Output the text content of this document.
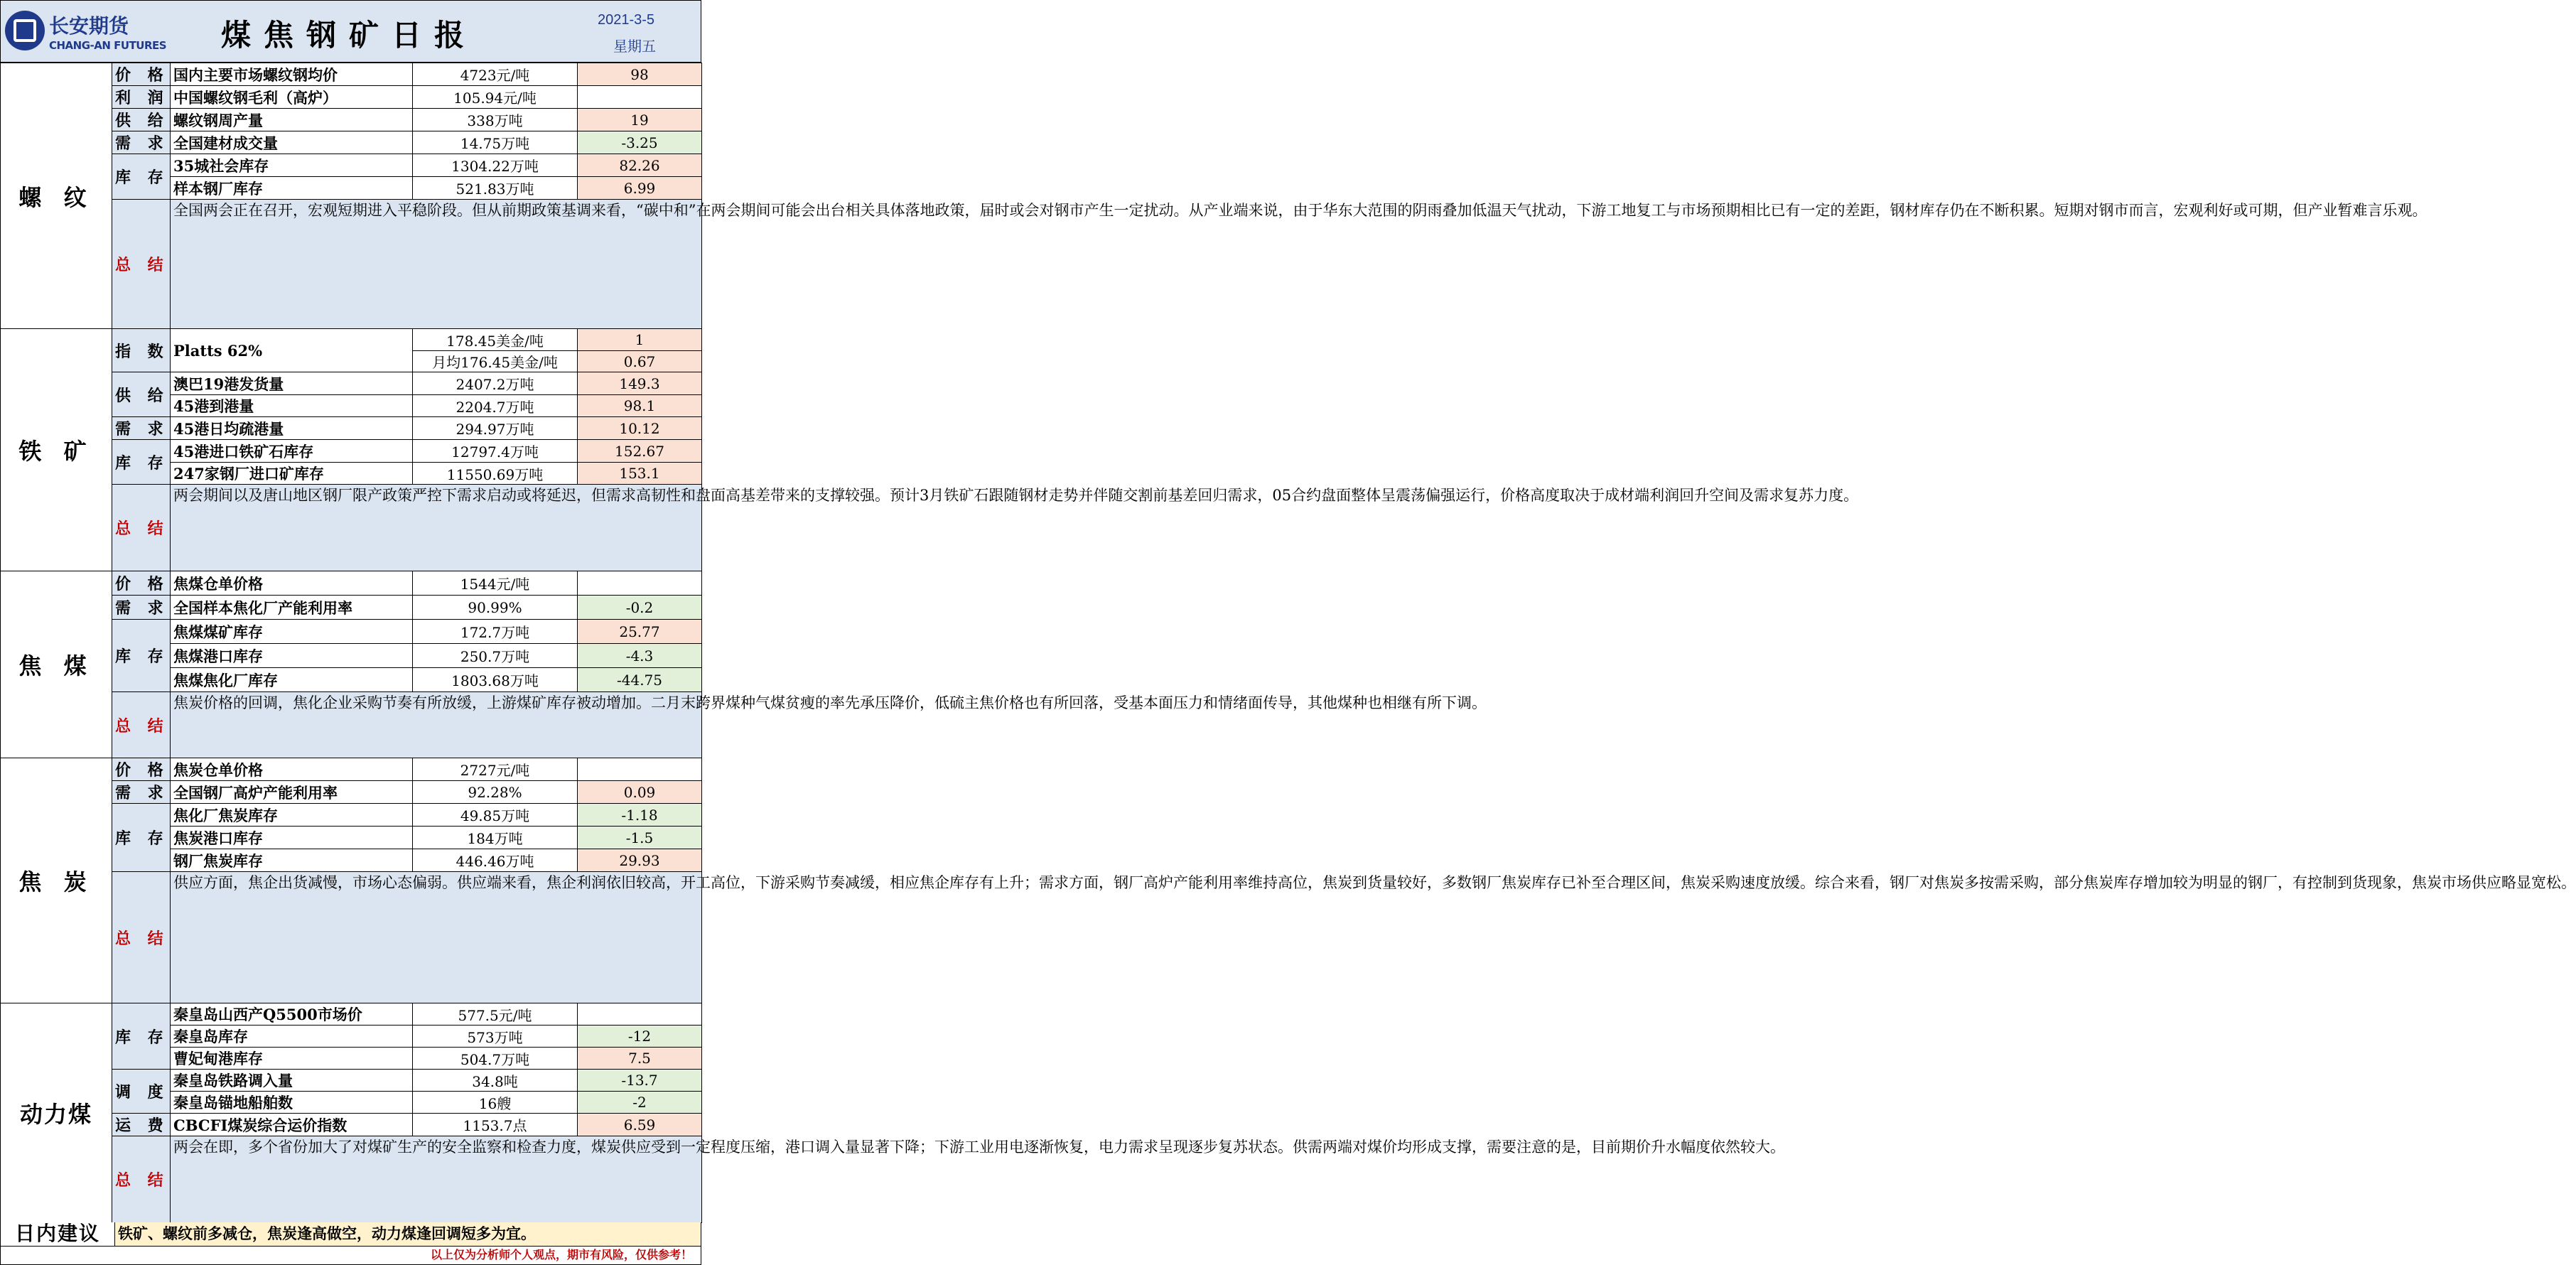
长安期货
CHANG-AN FUTURES 煤焦钢矿日报	2021-3-5
星期五
螺 纹	价 格	国内主要市场螺纹钢均价	4723元/吨	98
	利 润	中国螺纹钢毛利（高炉）	105.94元/吨	
	供 给	螺纹钢周产量	338万吨	19
	需 求	全国建材成交量	14.75万吨	-3.25
	库 存	35城社会库存	1304.22万吨	82.26
		样本钢厂库存	521.83万吨	6.99
	总 结	全国两会正在召开，宏观短期进入平稳阶段。但从前期政策基调来看，“碳中和”在两会期间可能会出台相关具体落地政策，届时或会对钢市产生一定扰动。从产业端来说，由于华东大范围的阴雨叠加低温天气扰动，下游工地复工与市场预期相比已有一定的差距，钢材库存仍在不断积累。短期对钢市而言，宏观利好或可期，但产业暂难言乐观。		
铁 矿	指 数	Platts 62%	178.45美金/吨	1
			月均176.45美金/吨	0.67
	供 给	澳巴19港发货量	2407.2万吨	149.3
		45港到港量	2204.7万吨	98.1
	需 求	45港日均疏港量	294.97万吨	10.12
	库 存	45港进口铁矿石库存	12797.4万吨	152.67
		247家钢厂进口矿库存	11550.69万吨	153.1
	总 结	两会期间以及唐山地区钢厂限产政策严控下需求启动或将延迟，但需求高韧性和盘面高基差带来的支撑较强。预计3月铁矿石跟随钢材走势并伴随交割前基差回归需求，05合约盘面整体呈震荡偏强运行，价格高度取决于成材端利润回升空间及需求复苏力度。		
焦 煤	价 格	焦煤仓单价格	1544元/吨	
	需 求	全国样本焦化厂产能利用率	90.99%	-0.2
	库 存	焦煤煤矿库存	172.7万吨	25.77
		焦煤港口库存	250.7万吨	-4.3
		焦煤焦化厂库存	1803.68万吨	-44.75
	总 结	焦炭价格的回调，焦化企业采购节奏有所放缓，上游煤矿库存被动增加。二月末跨界煤种气煤贫瘦的率先承压降价，低硫主焦价格也有所回落，受基本面压力和情绪面传导，其他煤种也相继有所下调。		
焦 炭	价 格	焦炭仓单价格	2727元/吨	
	需 求	全国钢厂高炉产能利用率	92.28%	0.09
	库 存	焦化厂焦炭库存	49.85万吨	-1.18
		焦炭港口库存	184万吨	-1.5
		钢厂焦炭库存	446.46万吨	29.93
	总 结	供应方面，焦企出货减慢，市场心态偏弱。供应端来看，焦企利润依旧较高，开工高位，下游采购节奏减缓，相应焦企库存有上升；需求方面，钢厂高炉产能利用率维持高位，焦炭到货量较好，多数钢厂焦炭库存已补至合理区间，焦炭采购速度放缓。综合来看，钢厂对焦炭多按需采购，部分焦炭库存增加较为明显的钢厂，有控制到货现象，焦炭市场供应略显宽松。		
动力煤	库 存	秦皇岛山西产Q5500市场价	577.5元/吨	
		秦皇岛库存	573万吨	-12
		曹妃甸港库存	504.7万吨	7.5
	调 度	秦皇岛铁路调入量	34.8吨	-13.7
		秦皇岛锚地船舶数	16艘	-2
	运 费	CBCFI煤炭综合运价指数	1153.7点	6.59
	总 结	两会在即，多个省份加大了对煤矿生产的安全监察和检查力度，煤炭供应受到一定程度压缩，港口调入量显著下降；下游工业用电逐渐恢复，电力需求呈现逐步复苏状态。供需两端对煤价均形成支撑，需要注意的是，目前期价升水幅度依然较大。		
日内建议	铁矿、螺纹前多减仓，焦炭逢高做空，动力煤逢回调短多为宜。
以上仅为分析师个人观点，期市有风险，仅供参考！
